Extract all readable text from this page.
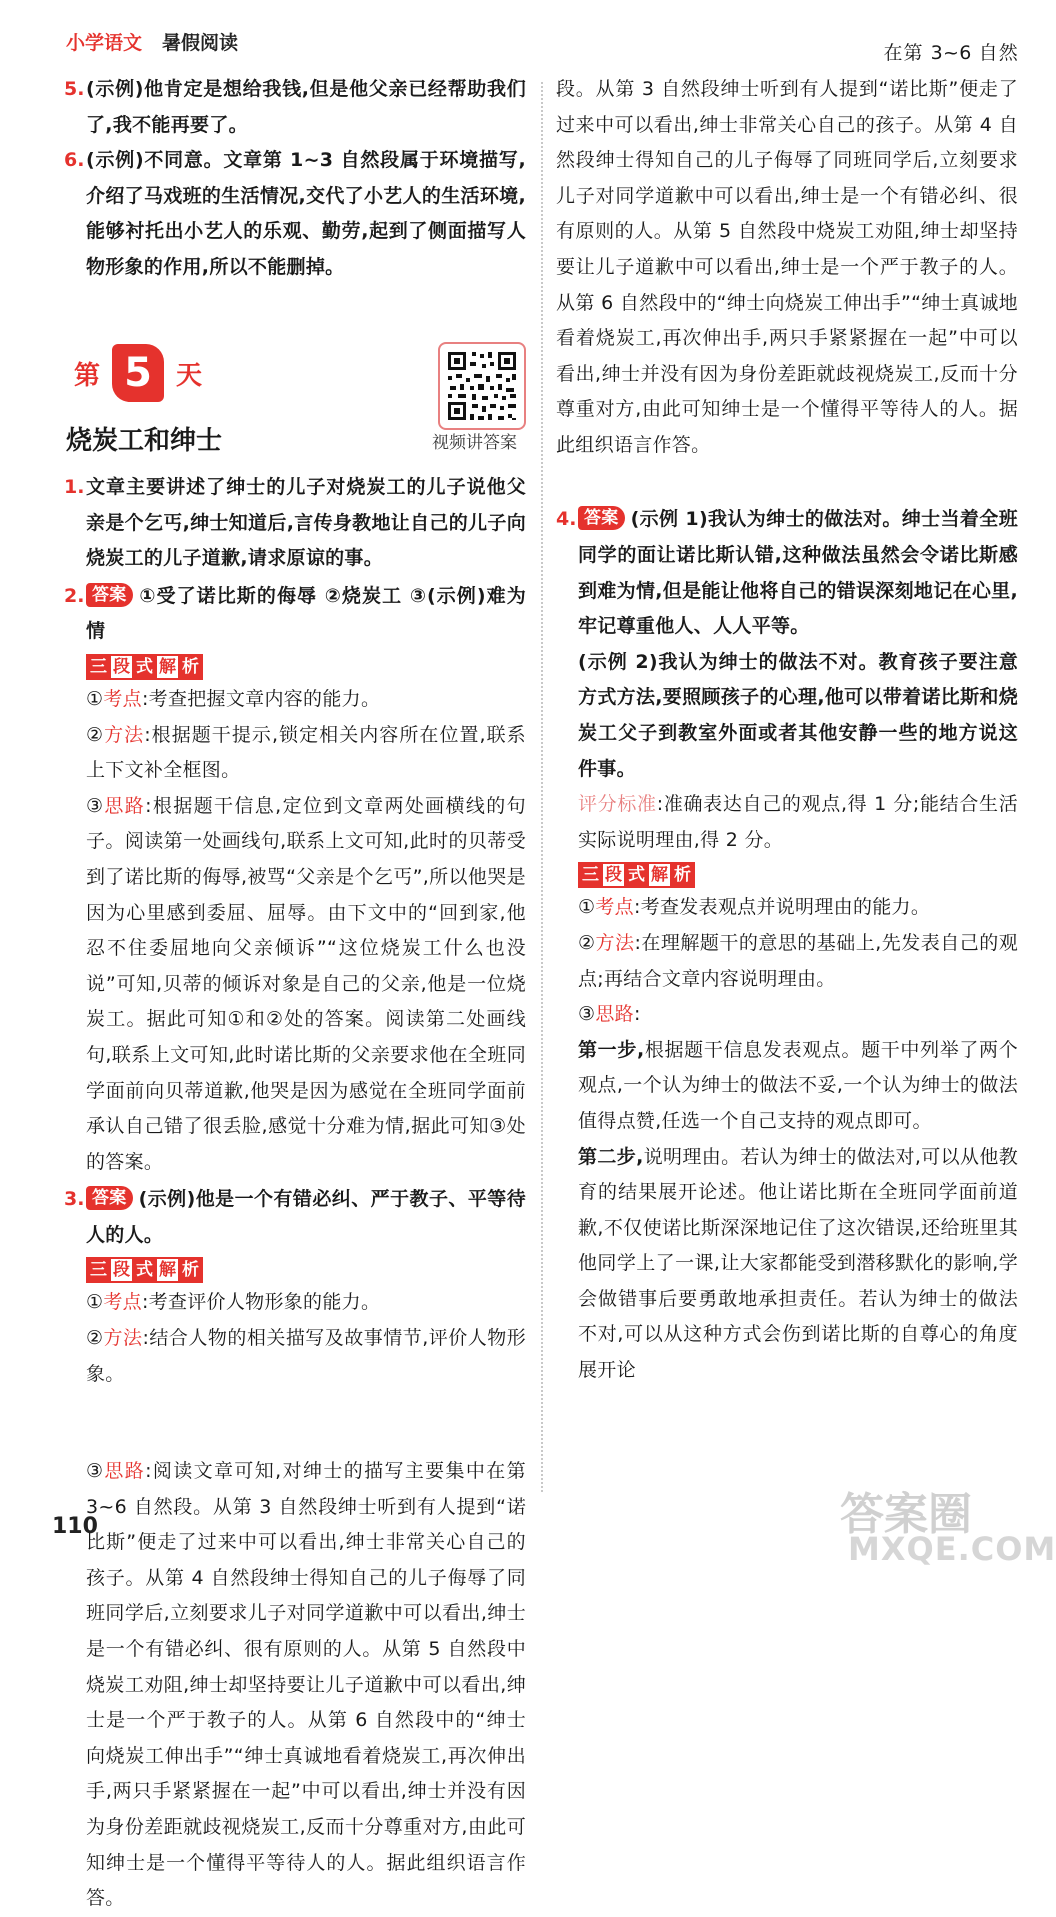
小学语文 暑假阅读
5. (示例)他肯定是想给我钱,但是他父亲已经帮助我们了,我不能再要了。
6. (示例)不同意。文章第 1~3 自然段属于环境描写,介绍了马戏班的生活情况,交代了小艺人的生活环境,能够衬托出小艺人的乐观、勤劳,起到了侧面描写人物形象的作用,所以不能删掉。
第 5 天
视频讲答案
烧炭工和绅士
1. 文章主要讲述了绅士的儿子对烧炭工的儿子说他父亲是个乞丐,绅士知道后,言传身教地让自己的儿子向烧炭工的儿子道歉,请求原谅的事。
2. 答案 ①受了诺比斯的侮辱 ②烧炭工 ③(示例)难为情
三 段 式 解 析
①考点:考查把握文章内容的能力。
②方法:根据题干提示,锁定相关内容所在位置,联系上下文补全框图。
③思路:根据题干信息,定位到文章两处画横线的句子。阅读第一处画线句,联系上文可知,此时的贝蒂受到了诺比斯的侮辱,被骂“父亲是个乞丐”,所以他哭是因为心里感到委屈、屈辱。由下文中的“回到家,他忍不住委屈地向父亲倾诉”“这位烧炭工什么也没说”可知,贝蒂的倾诉对象是自己的父亲,他是一位烧炭工。据此可知①和②处的答案。阅读第二处画线句,联系上文可知,此时诺比斯的父亲要求他在全班同学面前向贝蒂道歉,他哭是因为感觉在全班同学面前承认自己错了很丢脸,感觉十分难为情,据此可知③处的答案。
3. 答案 (示例)他是一个有错必纠、严于教子、平等待人的人。
三 段 式 解 析
①考点:考查评价人物形象的能力。
②方法:结合人物的相关描写及故事情节,评价人物形象。
③思路:阅读文章可知,对绅士的描写主要集中在第 3~6 自然段。从第 3 自然段绅士听到有人提到“诺比斯”便走了过来中可以看出,绅士非常关心自己的孩子。从第 4 自然段绅士得知自己的儿子侮辱了同班同学后,立刻要求儿子对同学道歉中可以看出,绅士是一个有错必纠、很有原则的人。从第 5 自然段中烧炭工劝阻,绅士却坚持要让儿子道歉中可以看出,绅士是一个严于教子的人。从第 6 自然段中的“绅士向烧炭工伸出手”“绅士真诚地看着烧炭工,再次伸出手,两只手紧紧握在一起”中可以看出,绅士并没有因为身份差距就歧视烧炭工,反而十分尊重对方,由此可知绅士是一个懂得平等待人的人。据此组织语言作答。
在第 3~6 自然段。从第 3 自然段绅士听到有人提到“诺比斯”便走了过来中可以看出,绅士非常关心自己的孩子。从第 4 自然段绅士得知自己的儿子侮辱了同班同学后,立刻要求儿子对同学道歉中可以看出,绅士是一个有错必纠、很有原则的人。从第 5 自然段中烧炭工劝阻,绅士却坚持要让儿子道歉中可以看出,绅士是一个严于教子的人。从第 6 自然段中的“绅士向烧炭工伸出手”“绅士真诚地看着烧炭工,再次伸出手,两只手紧紧握在一起”中可以看出,绅士并没有因为身份差距就歧视烧炭工,反而十分尊重对方,由此可知绅士是一个懂得平等待人的人。据此组织语言作答。
4. 答案 (示例 1)我认为绅士的做法对。绅士当着全班同学的面让诺比斯认错,这种做法虽然会令诺比斯感到难为情,但是能让他将自己的错误深刻地记在心里,牢记尊重他人、人人平等。
(示例 2)我认为绅士的做法不对。教育孩子要注意方式方法,要照顾孩子的心理,他可以带着诺比斯和烧炭工父子到教室外面或者其他安静一些的地方说这件事。
评分标准:准确表达自己的观点,得 1 分;能结合生活实际说明理由,得 2 分。
三 段 式 解 析
①考点:考查发表观点并说明理由的能力。
②方法:在理解题干的意思的基础上,先发表自己的观点;再结合文章内容说明理由。
③思路:
第一步,根据题干信息发表观点。题干中列举了两个观点,一个认为绅士的做法不妥,一个认为绅士的做法值得点赞,任选一个自己支持的观点即可。
第二步,说明理由。若认为绅士的做法对,可以从他教育的结果展开论述。他让诺比斯在全班同学面前道歉,不仅使诺比斯深深地记住了这次错误,还给班里其他同学上了一课,让大家都能受到潜移默化的影响,学会做错事后要勇敢地承担责任。若认为绅士的做法不对,可以从这种方式会伤到诺比斯的自尊心的角度展开论
110	答案圈
MXQE.COM
